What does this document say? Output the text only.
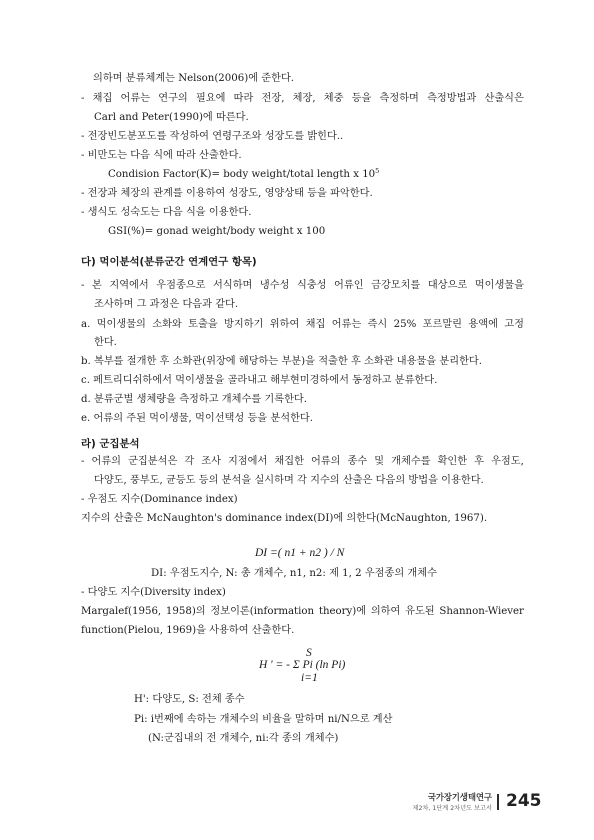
의하며 분류체계는 Nelson(2006)에 준한다.
- 채집 어류는 연구의 필요에 따라 전장, 체장, 체중 등을 측정하며 측정방법과 산출식은
Carl and Peter(1990)에 따른다.
- 전장빈도분포도를 작성하여 연령구조와 성장도를 밝힌다..
- 비만도는 다음 식에 따라 산출한다.
Condision Factor(K)= body weight/total length x $10^5$
- 전장과 체장의 관계를 이용하여 성장도, 영양상태 등을 파악한다.
- 생식도 성숙도는 다음 식을 이용한다.
GSI(%)= gonad weight/body weight x 100
다) 먹이분석(분류군간 연계연구 항목)
- 본 지역에서 우점종으로 서식하며 냉수성 식충성 어류인 금강모치를 대상으로 먹이생물을
조사하며 그 과정은 다음과 같다.
a. 먹이생물의 소화와 토출을 방지하기 위하여 채집 어류는 즉시 25% 포르말린 용액에 고정
한다.
b. 복부를 절개한 후 소화관(위장에 해당하는 부분)을 적출한 후 소화관 내용물을 분리한다.
c. 페트리디쉬하에서 먹이생물을 골라내고 해부현미경하에서 동정하고 분류한다.
d. 분류군별 생체량을 측정하고 개체수를 기록한다.
e. 어류의 주된 먹이생물, 먹이선택성 등을 분석한다.
라) 군집분석
- 어류의 군집분석은 각 조사 지점에서 채집한 어류의 종수 및 개체수를 확인한 후 우점도,
다양도, 풍부도, 균등도 등의 분석을 실시하며 각 지수의 산출은 다음의 방법을 이용한다.
- 우점도 지수(Dominance index)
지수의 산출은 McNaughton's dominance index(DI)에 의한다(McNaughton, 1967).
DI =( n1 + n2 ) / N
DI: 우점도지수, N: 총 개체수, n1, n2: 제 1, 2 우점종의 개체수
- 다양도 지수(Diversity index)
Margalef(1956, 1958)의 정보이론(information theory)에 의하여 유도된 Shannon-Wiever
function(Pielou, 1969)을 사용하여 산출한다.
S
H ' = - Σ Pi (ln Pi)
i=1
H': 다양도, S: 전체 종수
Pi: i번째에 속하는 개체수의 비율을 말하며 ni/N으로 계산
(N:군집내의 전 개체수, ni:각 종의 개체수)
국가장기생태연구
제2차, 1단계 2차년도 보고서 245
